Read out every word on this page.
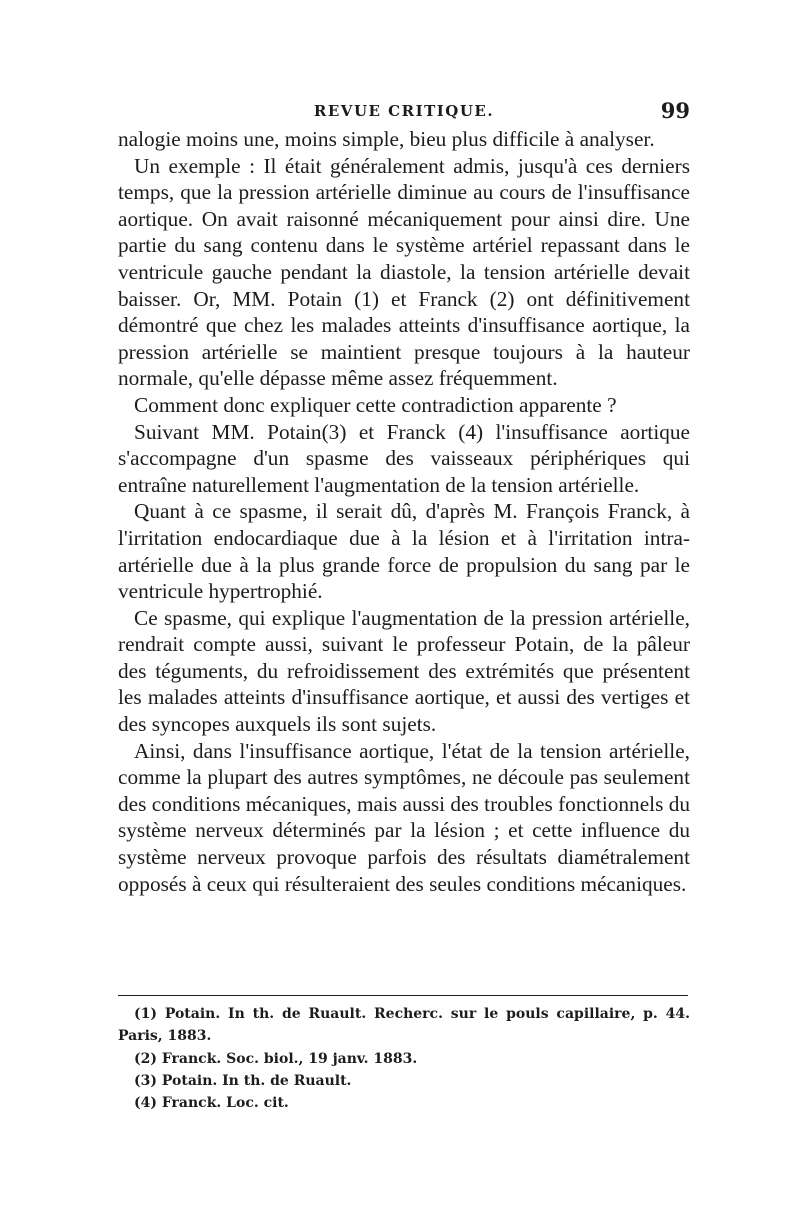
REVUE CRITIQUE.	99

nalogie moins une, moins simple, bieu plus difficile à analyser.

Un exemple : Il était généralement admis, jusqu'à ces derniers temps, que la pression artérielle diminue au cours de l'insuffisance aortique. On avait raisonné mécaniquement pour ainsi dire. Une partie du sang contenu dans le système artériel repassant dans le ventricule gauche pendant la diastole, la tension artérielle devait baisser. Or, MM. Potain (1) et Franck (2) ont définitivement démontré que chez les malades atteints d'insuffisance aortique, la pression artérielle se maintient presque toujours à la hauteur normale, qu'elle dépasse même assez fréquemment.

Comment donc expliquer cette contradiction apparente ?

Suivant MM. Potain(3) et Franck (4) l'insuffisance aortique s'accompagne d'un spasme des vaisseaux périphériques qui entraîne naturellement l'augmentation de la tension artérielle.

Quant à ce spasme, il serait dû, d'après M. François Franck, à l'irritation endocardiaque due à la lésion et à l'irritation intra-artérielle due à la plus grande force de propulsion du sang par le ventricule hypertrophié.

Ce spasme, qui explique l'augmentation de la pression artérielle, rendrait compte aussi, suivant le professeur Potain, de la pâleur des téguments, du refroidissement des extrémités que présentent les malades atteints d'insuffisance aortique, et aussi des vertiges et des syncopes auxquels ils sont sujets.

Ainsi, dans l'insuffisance aortique, l'état de la tension artérielle, comme la plupart des autres symptômes, ne découle pas seulement des conditions mécaniques, mais aussi des troubles fonctionnels du système nerveux déterminés par la lésion ; et cette influence du système nerveux provoque parfois des résultats diamétralement opposés à ceux qui résulteraient des seules conditions mécaniques.

(1) Potain. In th. de Ruault. Recherc. sur le pouls capillaire, p. 44. Paris, 1883.

(2) Franck. Soc. biol., 19 janv. 1883.

(3) Potain. In th. de Ruault.

(4) Franck. Loc. cit.
